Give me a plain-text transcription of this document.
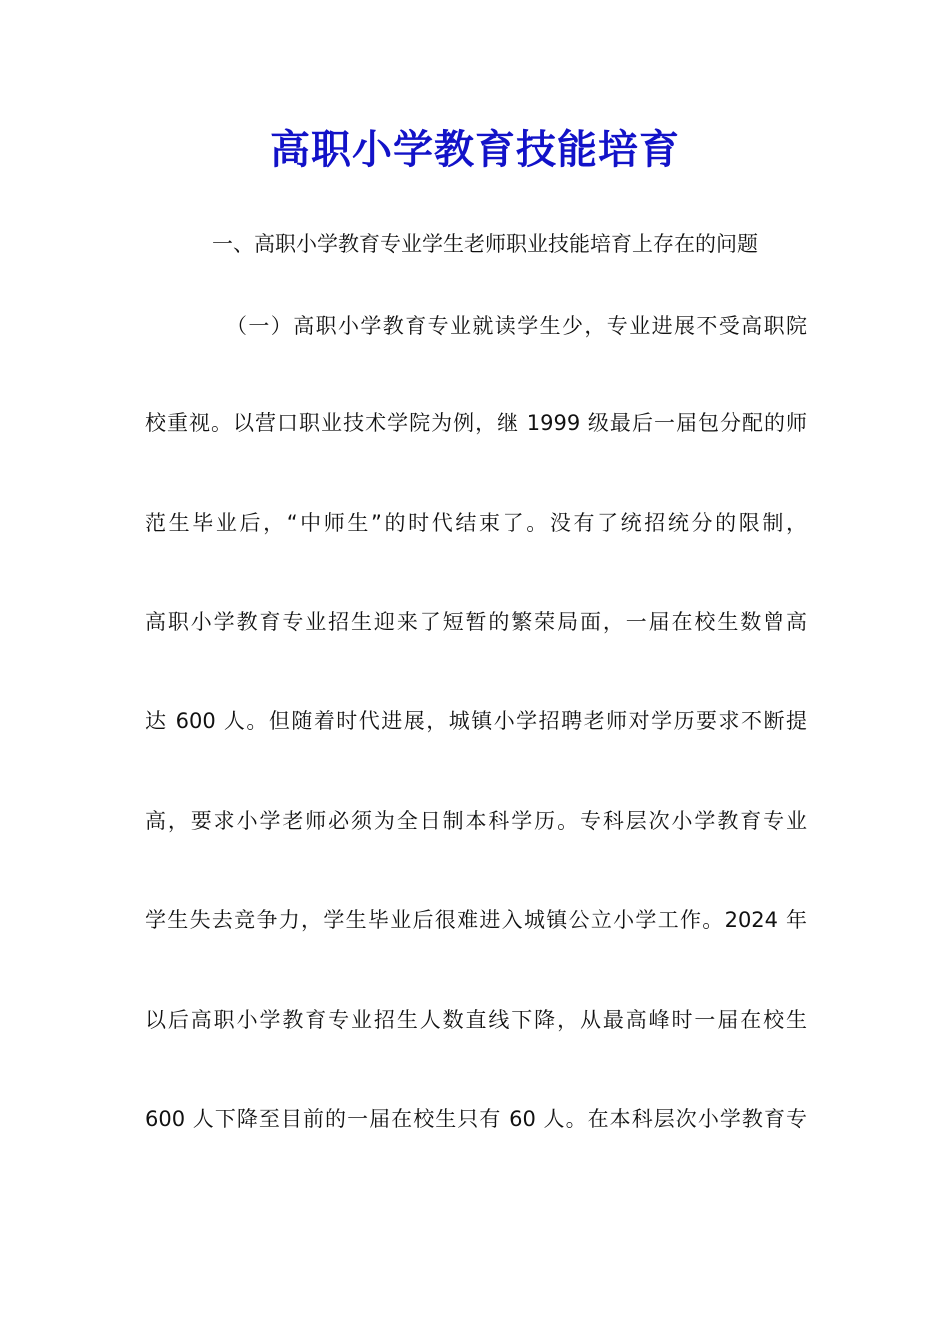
高职小学教育技能培育

一、高职小学教育专业学生老师职业技能培育上存在的问题

（一）高职小学教育专业就读学生少，专业进展不受高职院

校重视。以营口职业技术学院为例，继 1999 级最后一届包分配的师

范生毕业后，“中师生”的时代结束了。没有了统招统分的限制，

高职小学教育专业招生迎来了短暂的繁荣局面，一届在校生数曾高

达 600 人。但随着时代进展，城镇小学招聘老师对学历要求不断提

高，要求小学老师必须为全日制本科学历。专科层次小学教育专业

学生失去竞争力，学生毕业后很难进入城镇公立小学工作。2024 年

以后高职小学教育专业招生人数直线下降，从最高峰时一届在校生

600 人下降至目前的一届在校生只有 60 人。在本科层次小学教育专
